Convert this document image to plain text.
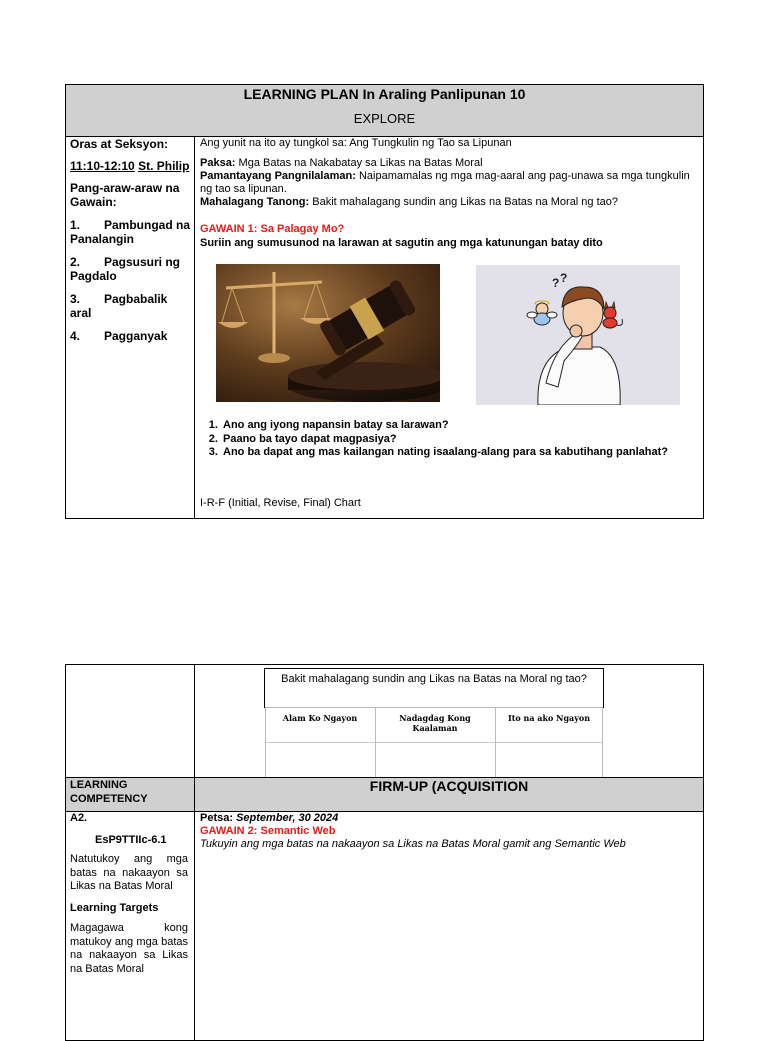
LEARNING PLAN In Araling Panlipunan 10
EXPLORE
Oras at Seksyon:
11:10-12:10 St. Philip
Pang-araw-araw na Gawain:
1. Pambungad na Panalangin
2. Pagsusuri ng Pagdalo
3. Pagbabalik aral
4. Pagganyak
Ang yunit na ito ay tungkol sa: Ang Tungkulin ng Tao sa Lipunan
Paksa: Mga Batas na Nakabatay sa Likas na Batas Moral
Pamantayang Pangnilalaman: Naipamamalas ng mga mag-aaral ang pag-unawa sa mga tungkulin ng tao sa lipunan.
Mahalagang Tanong: Bakit mahalagang sundin ang Likas na Batas na Moral ng tao?
GAWAIN 1: Sa Palagay Mo?
Suriin ang sumusunod na larawan at sagutin ang mga katunungan batay dito
? ?
1. Ano ang iyong napansin batay sa larawan?
2. Paano ba tayo dapat magpasiya?
3. Ano ba dapat ang mas kailangan nating isaalang-alang para sa kabutihang panlahat?
I-R-F (Initial, Revise, Final) Chart
Bakit mahalagang sundin ang Likas na Batas na Moral ng tao?
Alam Ko Ngayon	Nadagdag Kong Kaalaman
Ito na ako Ngayon
LEARNING COMPETENCY
FIRM-UP (ACQUISITION
A2.
EsP9TTIIc-6.1
Natutukoy ang mga batas na nakaayon sa Likas na Batas Moral
Learning Targets
Magagawa kong matukoy ang mga batas na nakaayon sa Likas na Batas Moral
Petsa: September, 30 2024
GAWAIN 2: Semantic Web
Tukuyin ang mga batas na nakaayon sa Likas na Batas Moral gamit ang Semantic Web
